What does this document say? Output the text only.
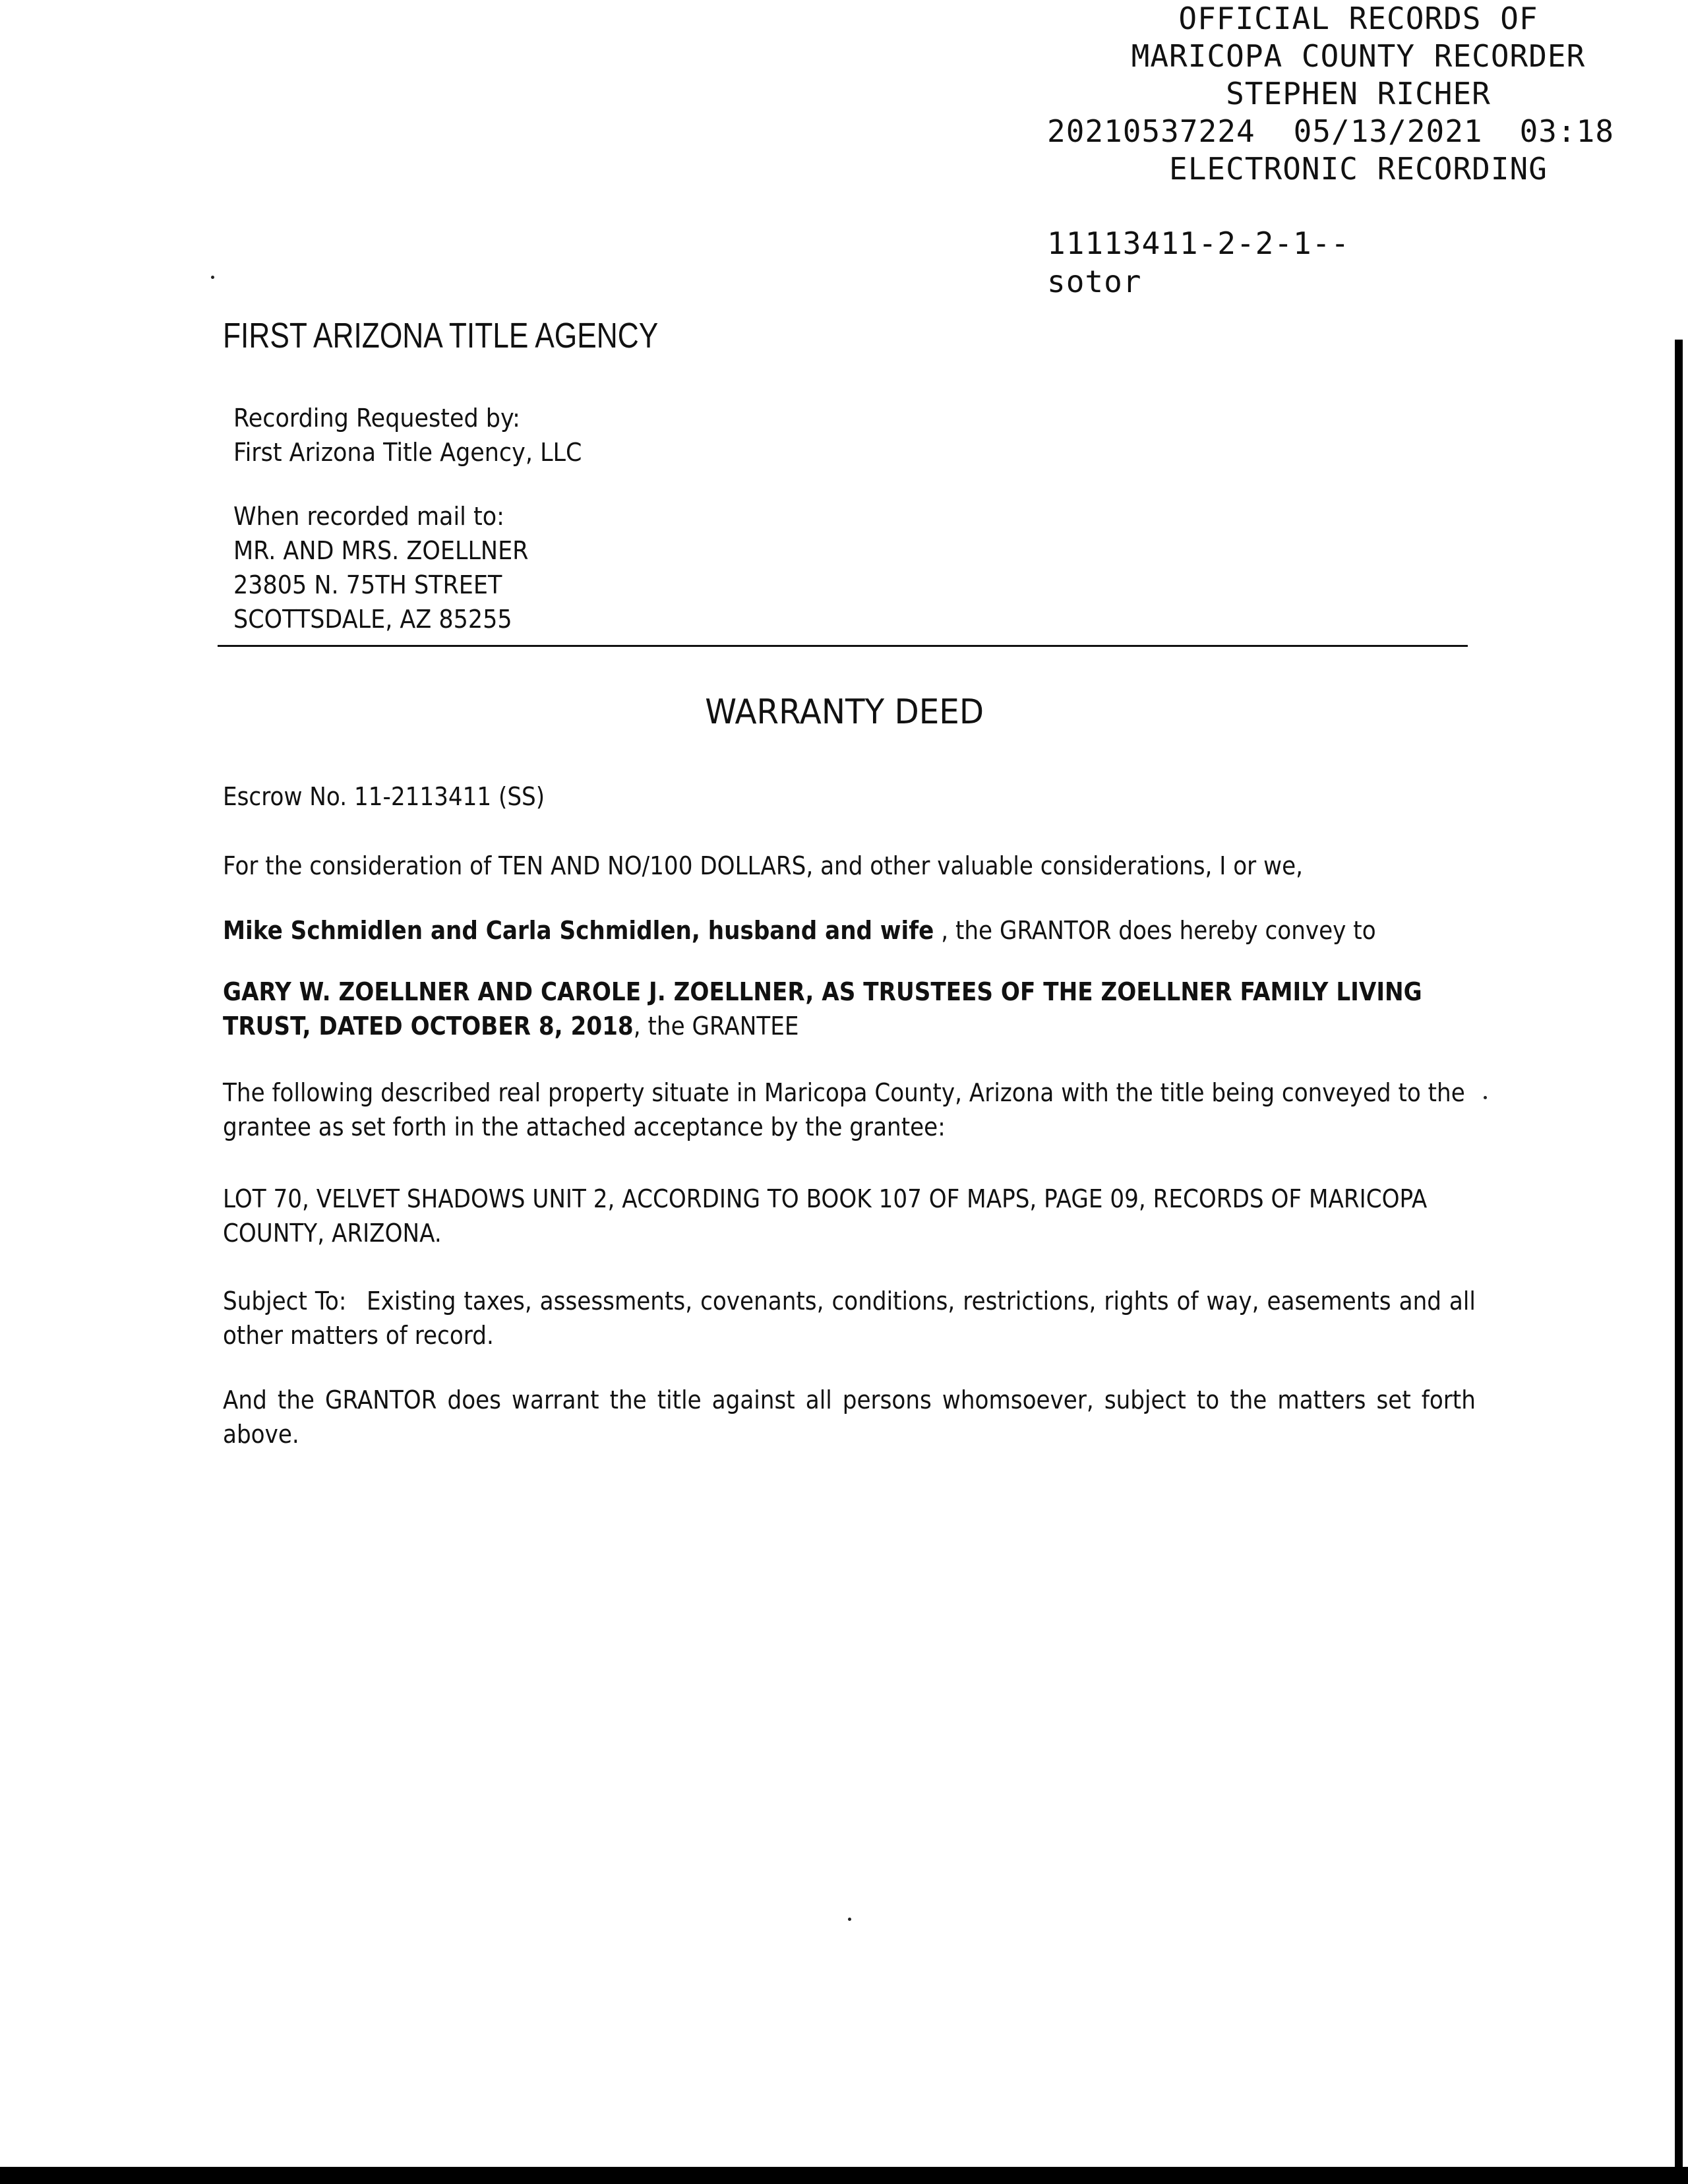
OFFICIAL RECORDS OF
MARICOPA COUNTY RECORDER
STEPHEN RICHER
20210537224 05/13/2021 03:18
ELECTRONIC RECORDING
11113411-2-2-1--
sotor
FIRST ARIZONA TITLE AGENCY
Recording Requested by:
First Arizona Title Agency, LLC
When recorded mail to:
MR. AND MRS. ZOELLNER
23805 N. 75TH STREET
SCOTTSDALE, AZ 85255
WARRANTY DEED
Escrow No. 11-2113411 (SS)
For the consideration of TEN AND NO/100 DOLLARS, and other valuable considerations, I or we,
Mike Schmidlen and Carla Schmidlen, husband and wife , the GRANTOR does hereby convey to
GARY W. ZOELLNER AND CAROLE J. ZOELLNER, AS TRUSTEES OF THE ZOELLNER FAMILY LIVING TRUST, DATED OCTOBER 8, 2018, the GRANTEE
The following described real property situate in Maricopa County, Arizona with the title being conveyed to the grantee as set forth in the attached acceptance by the grantee:
LOT 70, VELVET SHADOWS UNIT 2, ACCORDING TO BOOK 107 OF MAPS, PAGE 09, RECORDS OF MARICOPA COUNTY, ARIZONA.
Subject To: Existing taxes, assessments, covenants, conditions, restrictions, rights of way, easements and all other matters of record.
And the GRANTOR does warrant the title against all persons whomsoever, subject to the matters set forth above.
